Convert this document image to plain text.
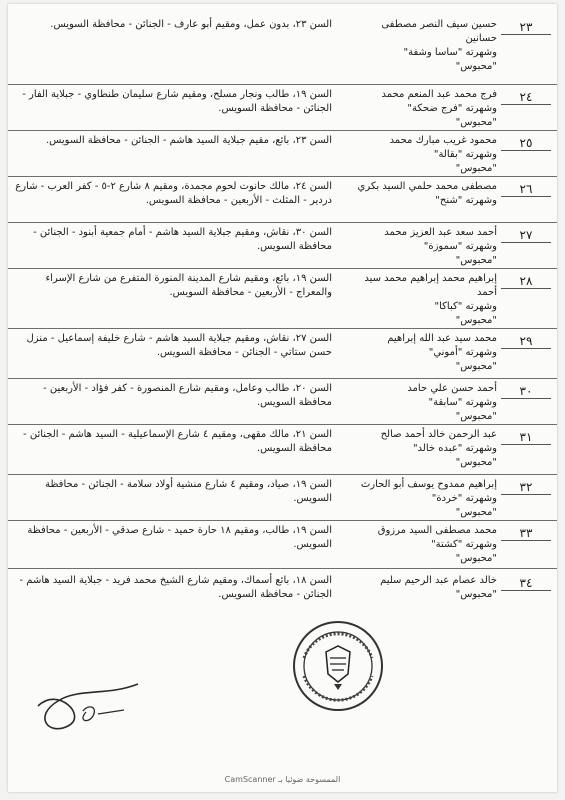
٢٣
حسين سيف النصر مصطفى حسانين
وشهرته "ساسا وشفة"
"محبوس"
السن ٢٣، بدون عمل، ومقيم أبو عارف - الجنائن - محافظة السويس.
٢٤
فرج محمد عبد المنعم محمد
وشهرته "فرج ضحكة"
"محبوس"
السن ١٩، طالب ونجار مسلح، ومقيم شارع سليمان طنطاوي - جبلاية الفار - الجنائن - محافظة السويس.
٢٥
محمود غريب مبارك محمد
وشهرته "بقالة"
"محبوس"
السن ٢٣، بائع، مقيم جبلاية السيد هاشم - الجنائن - محافظة السويس.
٢٦
مصطفى محمد حلمي السيد بكري
وشهرته "شنح"
السن ٢٤، مالك حانوت لحوم مجمدة، ومقيم ٨ شارع ٢-٥ - كفر العرب - شارع دردير - المثلث - الأربعين - محافظة السويس.
٢٧
أحمد سعد عبد العزيز محمد
وشهرته "سموزة"
"محبوس"
السن ٣٠، نقاش، ومقيم جبلاية السيد هاشم - أمام جمعية أبنود - الجنائن - محافظة السويس.
٢٨
إبراهيم محمد إبراهيم محمد سيد أحمد
وشهرته "كباكا"
"محبوس"
السن ١٩، بائع، ومقيم شارع المدينة المنورة المتفرع من شارع الإسراء والمعراج - الأربعين - محافظة السويس.
٢٩
محمد سيد عبد الله إبراهيم
وشهرته "أموني"
"محبوس"
السن ٢٧، نقاش، ومقيم جبلاية السيد هاشم - شارع خليفة إسماعيل - منزل حسن ستاتي - الجنائن - محافظة السويس.
٣٠
أحمد حسن علي حامد
وشهرته "سابقة"
"محبوس"
السن ٢٠، طالب وعامل، ومقيم شارع المنصورة - كفر فؤاد - الأربعين - محافظة السويس.
٣١
عبد الرحمن خالد أحمد صالح
وشهرته "عبده خالد"
"محبوس"
السن ٢١، مالك مقهى، ومقيم ٤ شارع الإسماعيلية - السيد هاشم - الجنائن - محافظة السويس.
٣٢
إبراهيم ممدوح يوسف أبو الحارث
وشهرته "خردة"
"محبوس"
السن ١٩، صياد، ومقيم ٤ شارع منشية أولاد سلامة - الجنائن - محافظة السويس.
٣٣
محمد مصطفى السيد مرزوق
وشهرته "كشتة"
"محبوس"
السن ١٩، طالب، ومقيم ١٨ حارة حميد - شارع صدقي - الأربعين - محافظة السويس.
٣٤
خالد عصام عبد الرحيم سليم
"محبوس"
السن ١٨، بائع أسماك، ومقيم شارع الشيخ محمد فريد - جبلاية السيد هاشم - الجنائن - محافظة السويس.
الممسوحة ضوئيا بـ CamScanner
